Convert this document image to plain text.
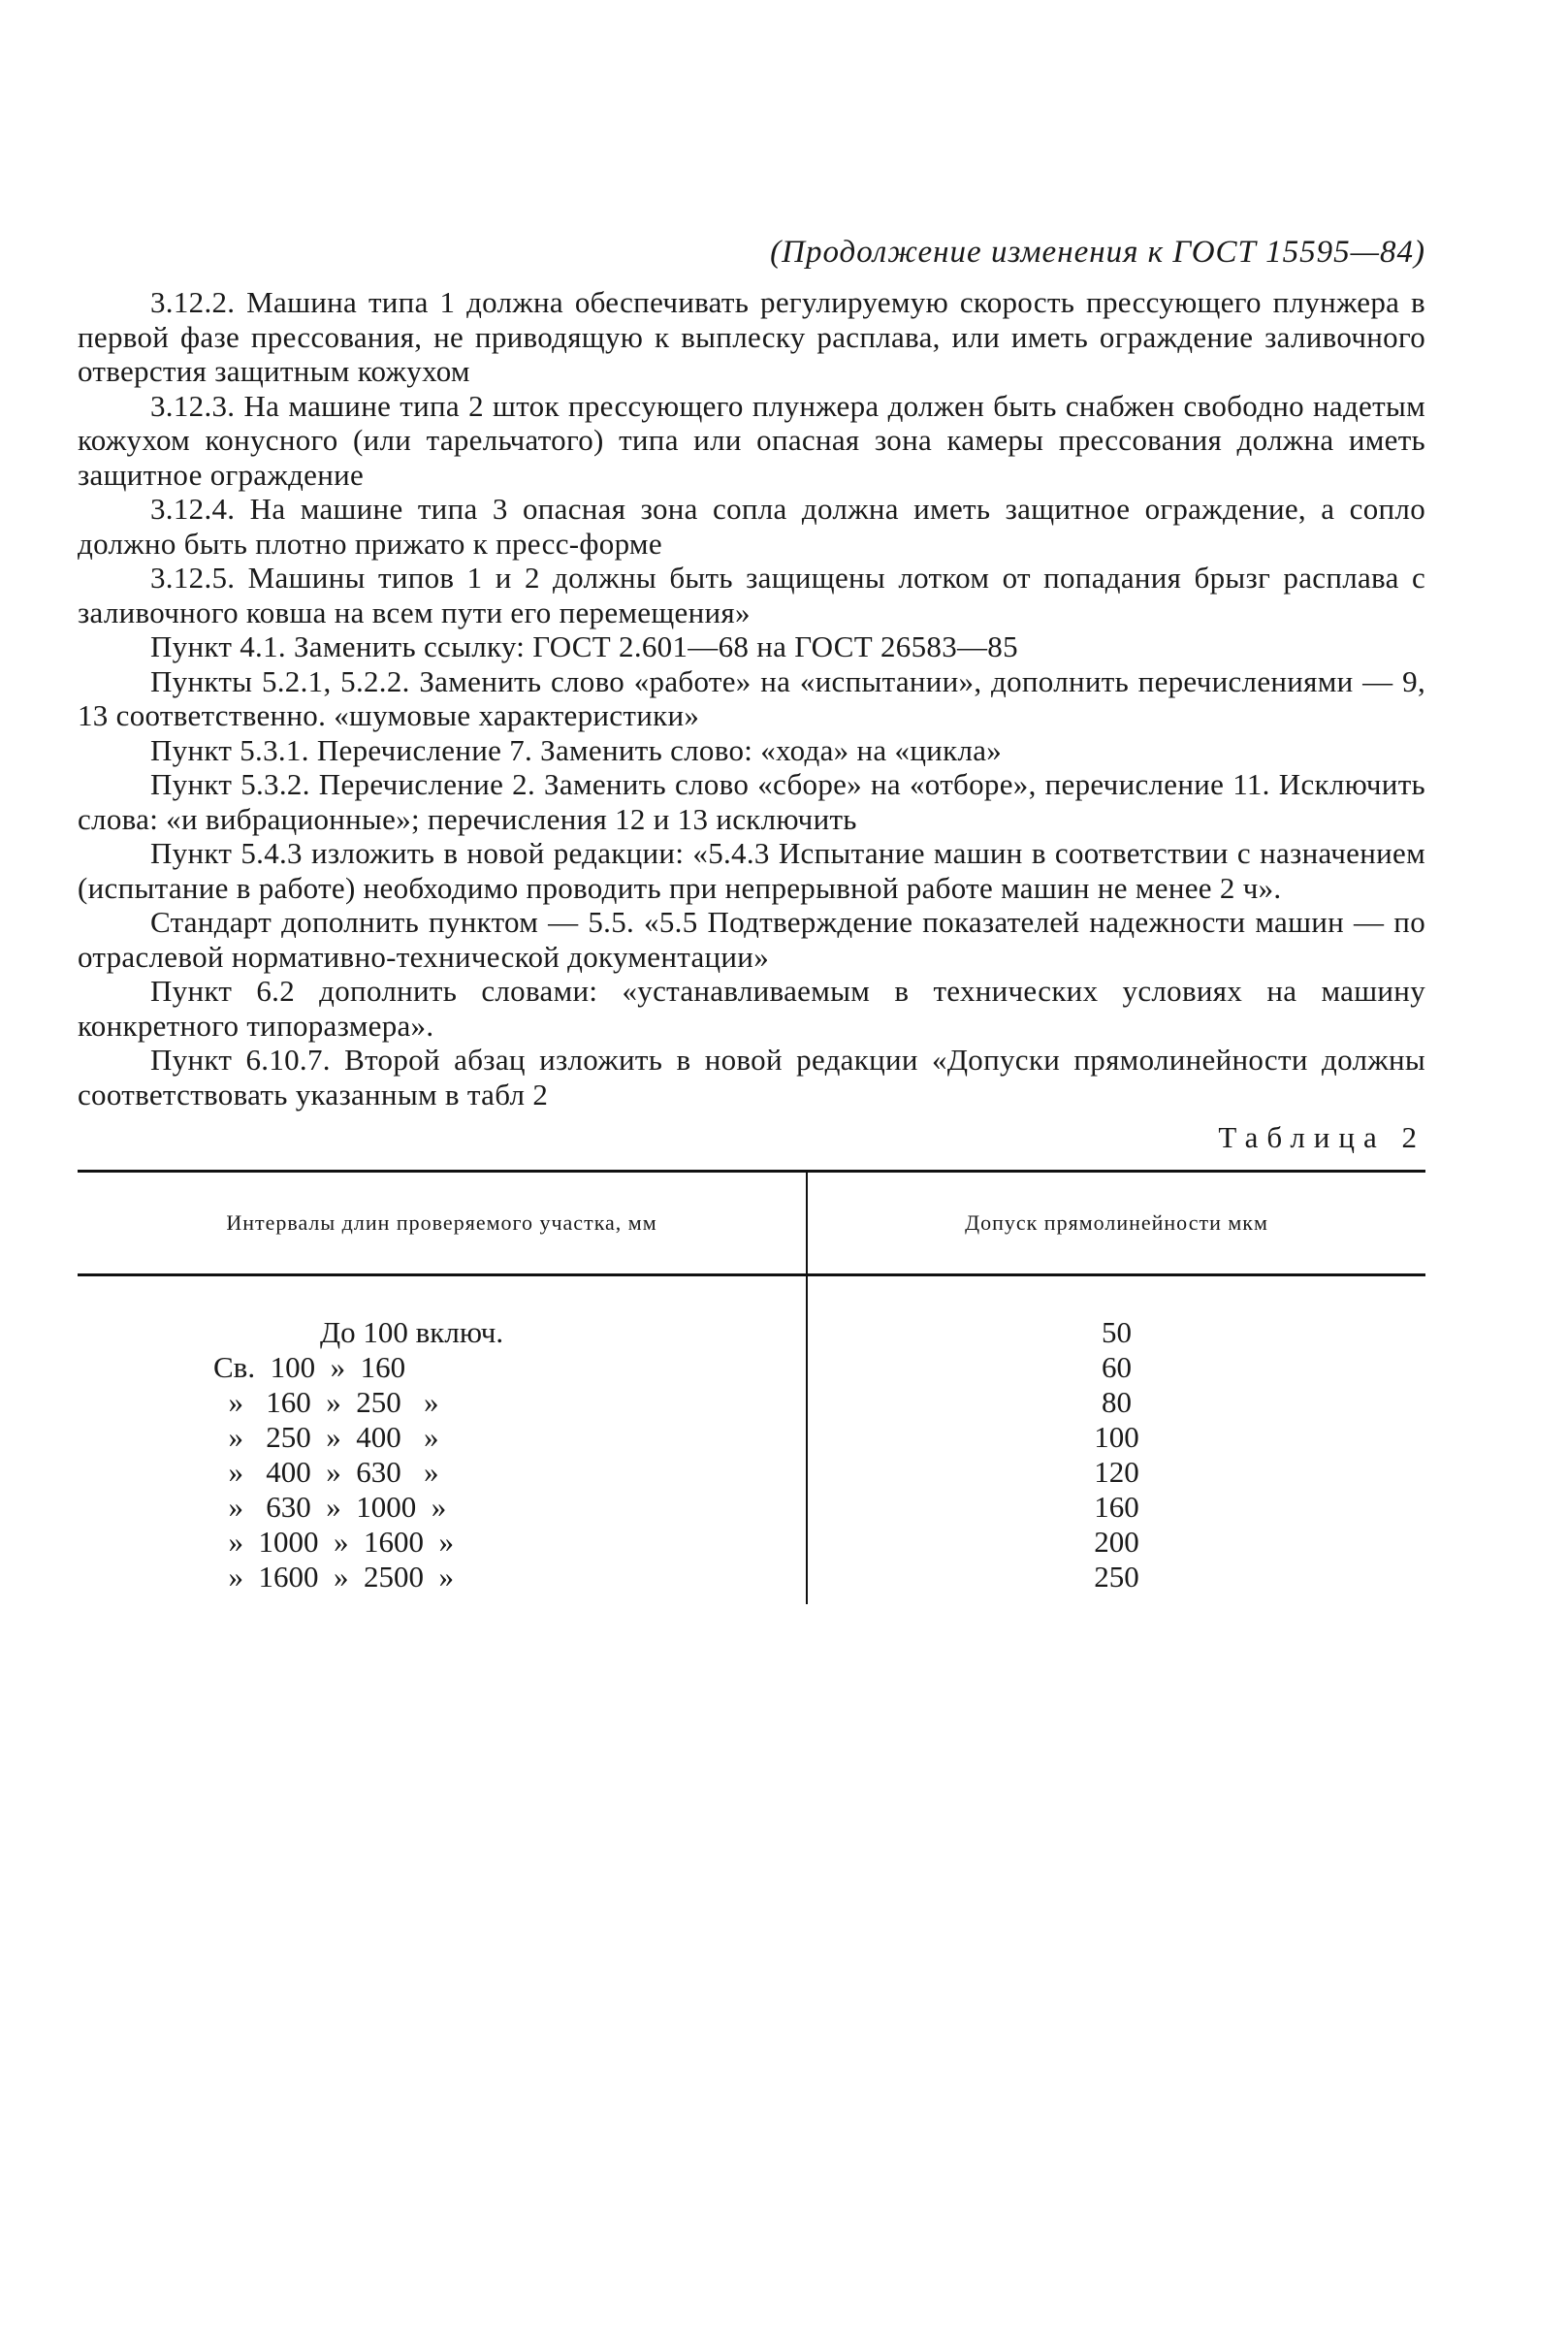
(Продолжение изменения к ГОСТ 15595—84)

3.12.2. Машина типа 1 должна обеспечивать регулируемую скорость прессующего плунжера в первой фазе прессования, не приводящую к выплеску расплава, или иметь ограждение заливочного отверстия защитным кожухом

3.12.3. На машине типа 2 шток прессующего плунжера должен быть снабжен свободно надетым кожухом конусного (или тарельчатого) типа или опасная зона камеры прессования должна иметь защитное ограждение

3.12.4. На машине типа 3 опасная зона сопла должна иметь защитное ограждение, а сопло должно быть плотно прижато к пресс-форме

3.12.5. Машины типов 1 и 2 должны быть защищены лотком от попадания брызг расплава с заливочного ковша на всем пути его перемещения»

Пункт 4.1. Заменить ссылку: ГОСТ 2.601—68 на ГОСТ 26583—85

Пункты 5.2.1, 5.2.2. Заменить слово «работе» на «испытании», дополнить перечислениями — 9, 13 соответственно. «шумовые характеристики»

Пункт 5.3.1. Перечисление 7. Заменить слово: «хода» на «цикла»

Пункт 5.3.2. Перечисление 2. Заменить слово «сборе» на «отборе», перечисление 11. Исключить слова: «и вибрационные»; перечисления 12 и 13 исключить

Пункт 5.4.3 изложить в новой редакции: «5.4.3 Испытание машин в соответствии с назначением (испытание в работе) необходимо проводить при непрерывной работе машин не менее 2 ч».

Стандарт дополнить пунктом — 5.5. «5.5 Подтверждение показателей надежности машин — по отраслевой нормативно-технической документации»

Пункт 6.2 дополнить словами: «устанавливаемым в технических условиях на машину конкретного типоразмера».

Пункт 6.10.7. Второй абзац изложить в новой редакции «Допуски прямолинейности должны соответствовать указанным в табл 2

Таблица 2
Интервалы длин проверяемого участка, мм	Допуск прямолинейности мкм
До 100 включ.
Св.  100  »  160
»   160  »  250   »
»   250  »  400   »
»   400  »  630   »
»   630  »  1000  »
»  1000  »  1600  »
»  1600  »  2500  »
50
60
80
100
120
160
200
250
